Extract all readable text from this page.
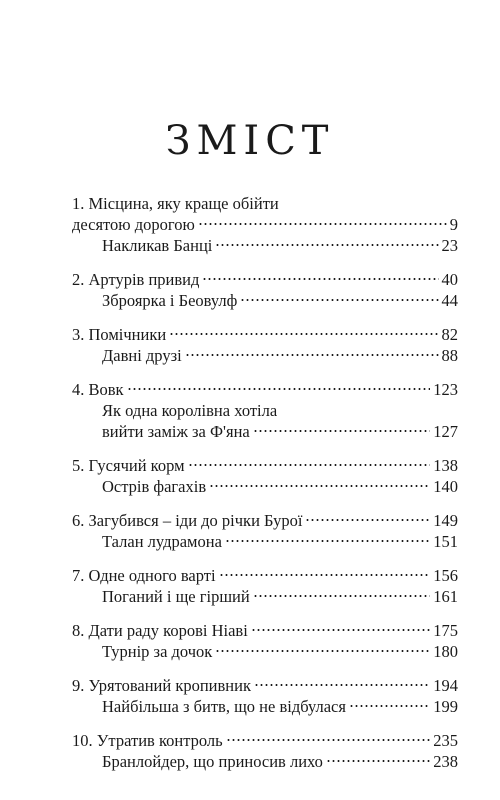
ЗМІСТ
1. Місцина, яку краще обійти
десятою дорогою	9
Накликав Банці	23
2. Артурів привид	40
Зброярка і Беовулф	44
3. Помічники	82
Давні друзі	88
4. Вовк	123
Як одна королівна хотіла
вийти заміж за Ф'яна	127
5. Гусячий корм	138
Острів фагахів	140
6. Загубився – іди до річки Бурої	149
Талан лудрамона	151
7. Одне одного варті	156
Поганий і ще гірший	161
8. Дати раду корові Ніаві	175
Турнір за дочок	180
9. Урятований кропивник	194
Найбільша з битв, що не відбулася	199
10. Утратив контроль	235
Бранлойдер, що приносив лихо	238
